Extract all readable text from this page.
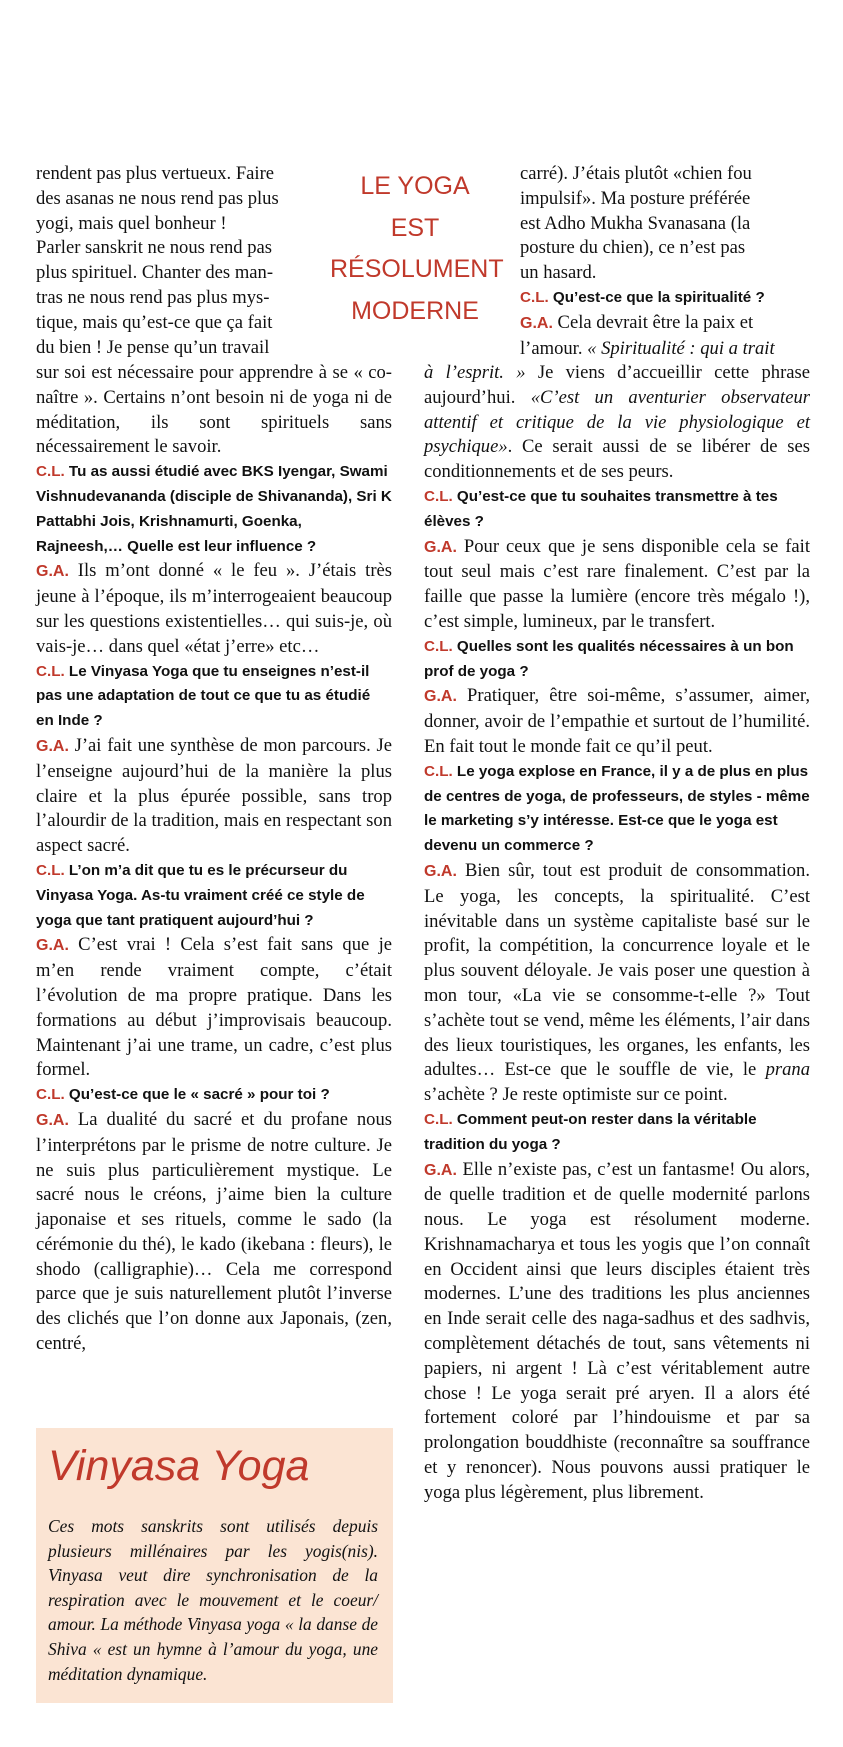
LE YOGA
EST
RÉSOLUMENT
MODERNE
rendent pas plus vertueux. Faire
des asanas ne nous rend pas plus
yogi, mais quel bonheur !
Parler sanskrit ne nous rend pas
plus spirituel. Chanter des man-
tras ne nous rend pas plus mys-
tique, mais qu’est-ce que ça fait
du bien ! Je pense qu’un travail

sur soi est nécessaire pour apprendre à se « co-naître ». Certains n’ont besoin ni de yoga ni de méditation, ils sont spirituels sans nécessairement le savoir.

C.L. Tu as aussi étudié avec BKS Iyengar, Swami Vishnudevananda (disciple de Shivananda), Sri K Pattabhi Jois, Krishnamurti, Goenka, Rajneesh,… Quelle est leur influence ?

G.A. Ils m’ont donné « le feu ». J’étais très jeune à l’époque, ils m’interrogeaient beaucoup sur les questions existentielles… qui suis-je, où vais-je… dans quel «état j’erre» etc…

C.L. Le Vinyasa Yoga que tu enseignes n’est-il pas une adaptation de tout ce que tu as étudié en Inde ?

G.A. J’ai fait une synthèse de mon parcours. Je l’enseigne aujourd’hui de la manière la plus claire et la plus épurée possible, sans trop l’alourdir de la tradition, mais en respectant son aspect sacré.

C.L. L’on m’a dit que tu es le précurseur du Vinyasa Yoga. As-tu vraiment créé ce style de yoga que tant pratiquent aujourd’hui ?

G.A. C’est vrai ! Cela s’est fait sans que je m’en rende vraiment compte, c’était l’évolution de ma propre pratique. Dans les formations au début j’improvisais beaucoup. Maintenant j’ai une trame, un cadre, c’est plus formel.

C.L. Qu’est-ce que le « sacré » pour toi ?

G.A. La dualité du sacré et du profane nous l’interprétons par le prisme de notre culture. Je ne suis plus particulièrement mystique. Le sacré nous le créons, j’aime bien la culture japonaise et ses rituels, comme le sado (la cérémonie du thé), le kado (ikebana : fleurs), le shodo (calligraphie)… Cela me correspond parce que je suis naturellement plutôt l’inverse des clichés que l’on donne aux Japonais, (zen, centré,

carré). J’étais plutôt «chien fou
impulsif». Ma posture préférée
est Adho Mukha Svanasana (la
posture du chien), ce n’est pas
un hasard.

C.L. Qu’est-ce que la spiritualité ?

G.A. Cela devrait être la paix et
l’amour. « Spiritualité : qui a trait

à l’esprit. » Je viens d’accueillir cette phrase aujourd’hui. «C’est un aventurier observateur attentif et critique de la vie physiologique et psychique». Ce serait aussi de se libérer de ses conditionnements et de ses peurs.

C.L. Qu’est-ce que tu souhaites transmettre à tes élèves ?

G.A. Pour ceux que je sens disponible cela se fait tout seul mais c’est rare finalement. C’est par la faille que passe la lumière (encore très mégalo !), c’est simple, lumineux, par le transfert.

C.L. Quelles sont les qualités nécessaires à un bon prof de yoga ?

G.A. Pratiquer, être soi-même, s’assumer, aimer, donner, avoir de l’empathie et surtout de l’humilité. En fait tout le monde fait ce qu’il peut.

C.L. Le yoga explose en France, il y a de plus en plus de centres de yoga, de professeurs, de styles - même le marketing s’y intéresse. Est-ce que le yoga est devenu un commerce ?

G.A. Bien sûr, tout est produit de consommation. Le yoga, les concepts, la spiritualité. C’est inévitable dans un système capitaliste basé sur le profit, la compétition, la concurrence loyale et le plus souvent déloyale. Je vais poser une question à mon tour, «La vie se consomme-t-elle ?» Tout s’achète tout se vend, même les éléments, l’air dans des lieux touristiques, les organes, les enfants, les adultes… Est-ce que le souffle de vie, le prana s’achète ? Je reste optimiste sur ce point.

C.L. Comment peut-on rester dans la véritable tradition du yoga ?

G.A. Elle n’existe pas, c’est un fantasme! Ou alors, de quelle tradition et de quelle modernité parlons nous. Le yoga est résolument moderne. Krishnamacharya et tous les yogis que l’on connaît en Occident ainsi que leurs disciples étaient très modernes. L’une des traditions les plus anciennes en Inde serait celle des naga-sadhus et des sadhvis, complètement détachés de tout, sans vêtements ni papiers, ni argent ! Là c’est véritablement autre chose ! Le yoga serait pré aryen. Il a alors été fortement coloré par l’hindouisme et par sa prolongation bouddhiste (reconnaître sa souffrance et y renoncer). Nous pouvons aussi pratiquer le yoga plus légèrement, plus librement.

Vinyasa Yoga
Ces mots sanskrits sont utilisés depuis plusieurs millénaires par les yogis(nis). Vinyasa veut dire synchronisation de la respiration avec le mouvement et le coeur/ amour. La méthode Vinyasa yoga « la danse de Shiva « est un hymne à l’amour du yoga, une méditation dynamique.
